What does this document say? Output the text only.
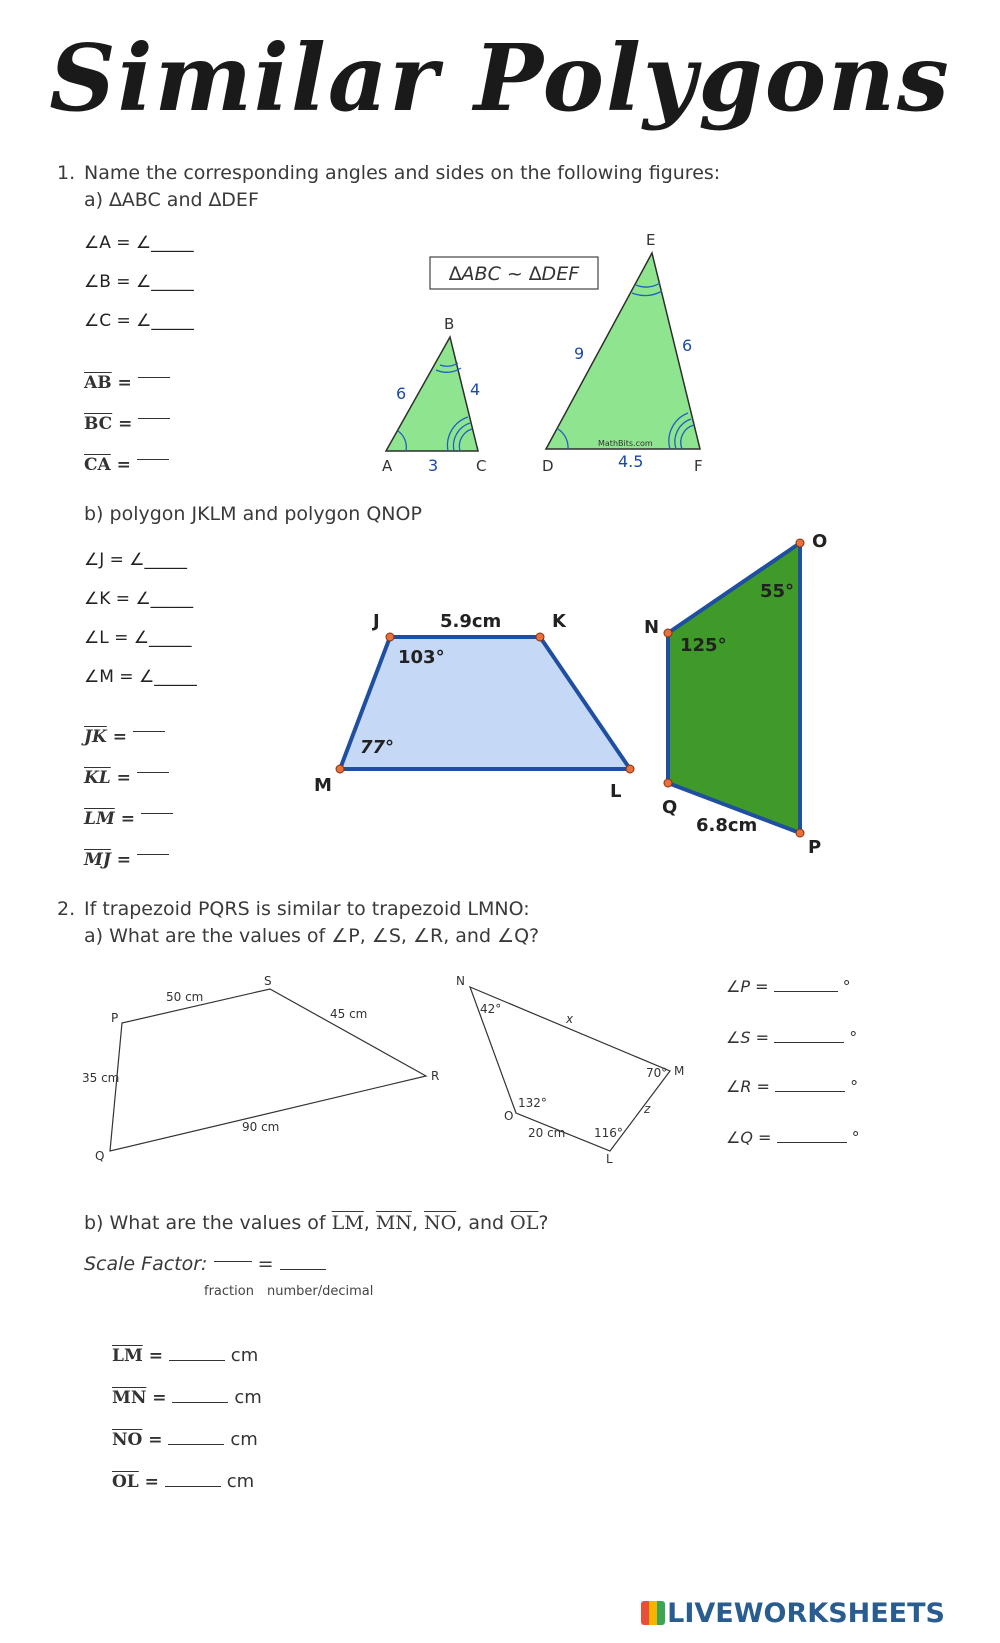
Similar Polygons
1. Name the corresponding angles and sides on the following figures:
a) ∆ABC and ∆DEF
∠A = ∠_____
∠B = ∠_____
∠C = ∠_____
$\overline{AB}$ =
$\overline{BC}$ =
$\overline{CA}$ =
∆ABC ~ ∆DEF
A
B
C
6	4
3	D
E
F
9	6
4.5
MathBits.com
b) polygon JKLM and polygon QNOP
∠J = ∠_____
∠K = ∠_____
∠L = ∠_____
∠M = ∠_____
$\overline{JK}$ =
$\overline{KL}$ =
$\overline{LM}$ =
$\overline{MJ}$ =
J	K
L
M
5.9cm
103°
77°
N
O
P
Q
6.8cm
125°
55°
2. If trapezoid PQRS is similar to trapezoid LMNO:
a) What are the values of ∠P, ∠S, ∠R, and ∠Q?
P
S
R
Q
50 cm
45 cm
35 cm
90 cm
N
M
L
O
42°
70°
132°
116°
x
z
20 cm
∠P =	°
∠S =	°
∠R =	°
∠Q =	°
b) What are the values of $\overline{LM}$, $\overline{MN}$, $\overline{NO}$, and $\overline{OL}$?
Scale Factor:	=
fraction number/decimal
$\overline{LM}$ =	cm
$\overline{MN}$ =	cm
$\overline{NO}$ =	cm
$\overline{OL}$ =	cm
LIVEWORKSHEETS
